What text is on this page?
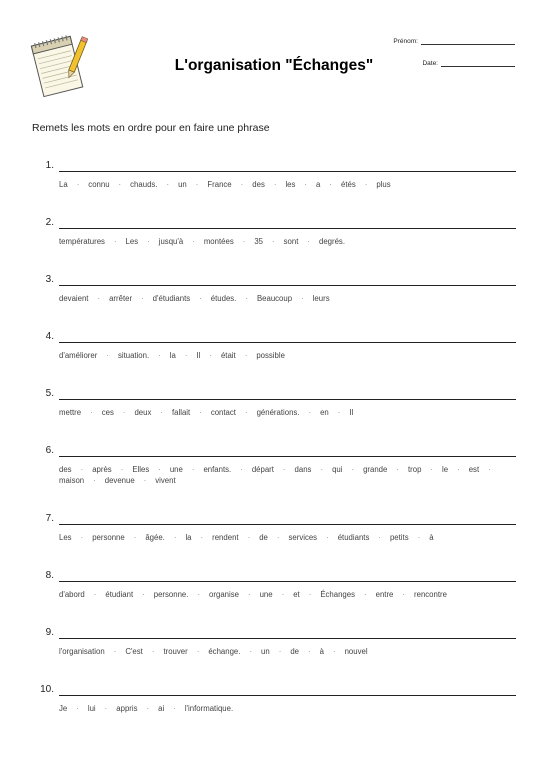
L'organisation "Échanges"
Prénom:
Date:
Remets les mots en ordre pour en faire une phrase
1.
La · connu · chauds. · un · France · des · les · a · étés · plus
2.
températures · Les · jusqu'à · montées · 35 · sont · degrés.
3.
devaient · arrêter · d'étudiants · études. · Beaucoup · leurs
4.
d'améliorer · situation. · la · Il · était · possible
5.
mettre · ces · deux · fallait · contact · générations. · en · Il
6.
des · après · Elles · une · enfants. · départ · dans · qui · grande · trop · le · est ·maison · devenue · vivent
7.
Les · personne · âgée. · la · rendent · de · services · étudiants · petits · à
8.
d'abord · étudiant · personne. · organise · une · et · Échanges · entre · rencontre
9.
l'organisation · C'est · trouver · échange. · un · de · à · nouvel
10.
Je · lui · appris · ai · l'informatique.
